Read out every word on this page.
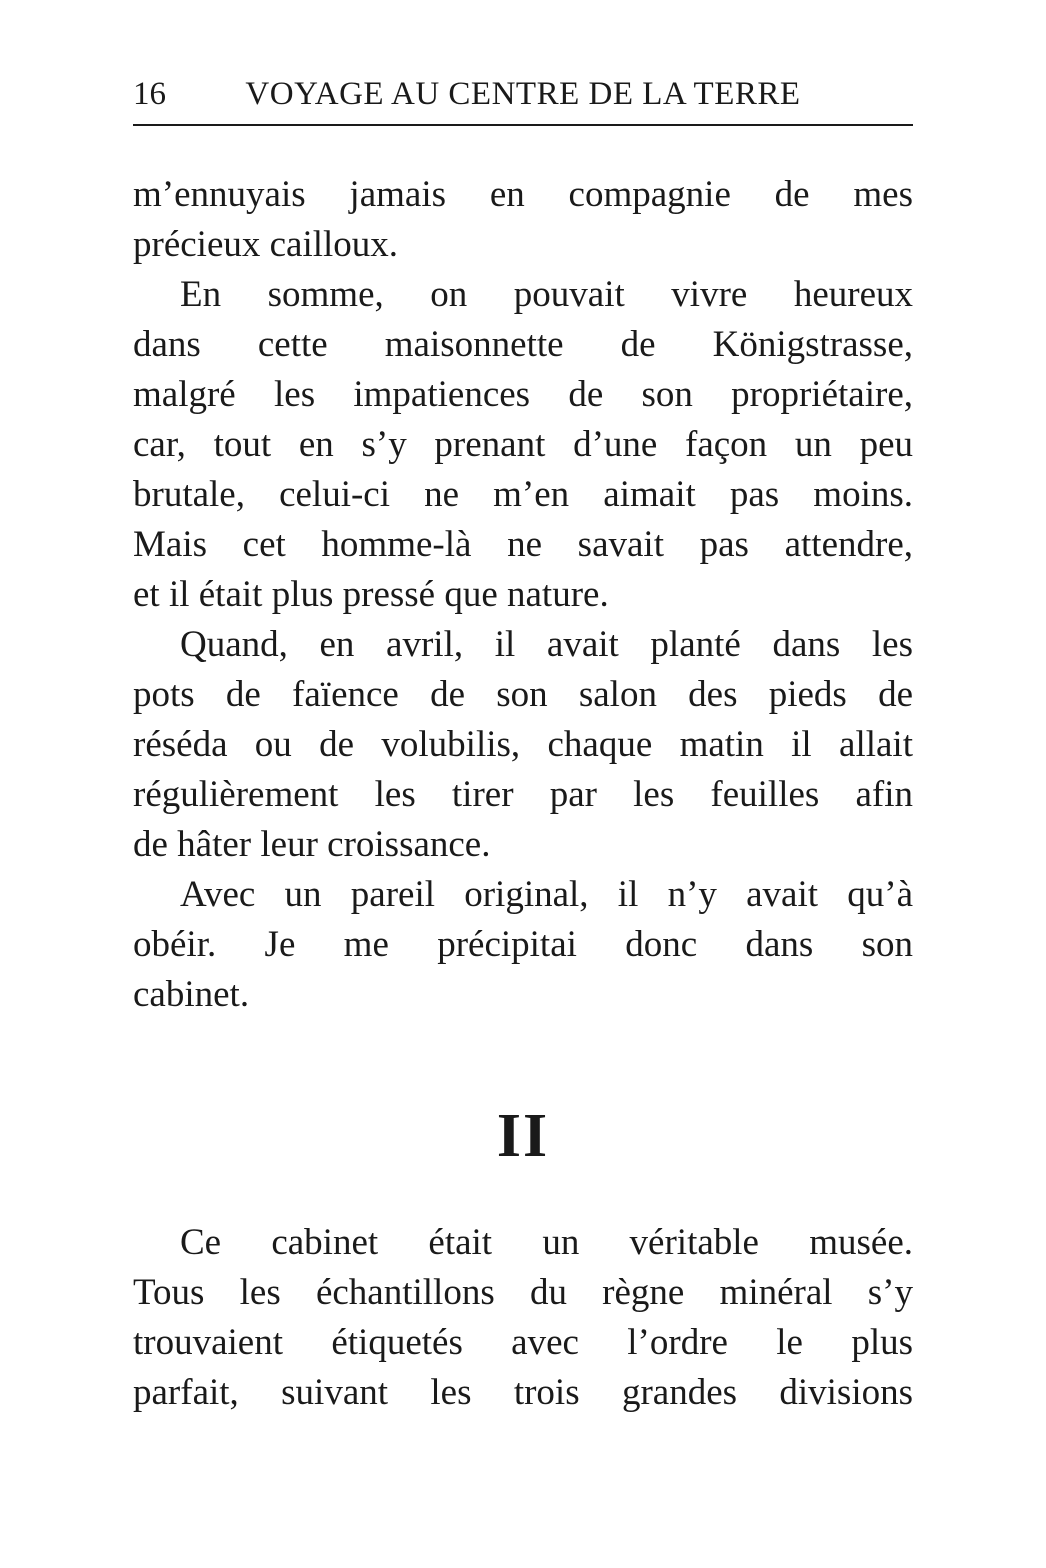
16	VOYAGE AU CENTRE DE LA TERRE
m’ennuyais jamais en compagnie de mes
précieux cailloux.
En somme, on pouvait vivre heureux
dans cette maisonnette de Königstrasse,
malgré les impatiences de son propriétaire,
car, tout en s’y prenant d’une façon un peu
brutale, celui-ci ne m’en aimait pas moins.
Mais cet homme-là ne savait pas attendre,
et il était plus pressé que nature.
Quand, en avril, il avait planté dans les
pots de faïence de son salon des pieds de
réséda ou de volubilis, chaque matin il allait
régulièrement les tirer par les feuilles afin
de hâter leur croissance.
Avec un pareil original, il n’y avait qu’à
obéir. Je me précipitai donc dans son
cabinet.
II
Ce cabinet était un véritable musée.
Tous les échantillons du règne minéral s’y
trouvaient étiquetés avec l’ordre le plus
parfait, suivant les trois grandes divisions
